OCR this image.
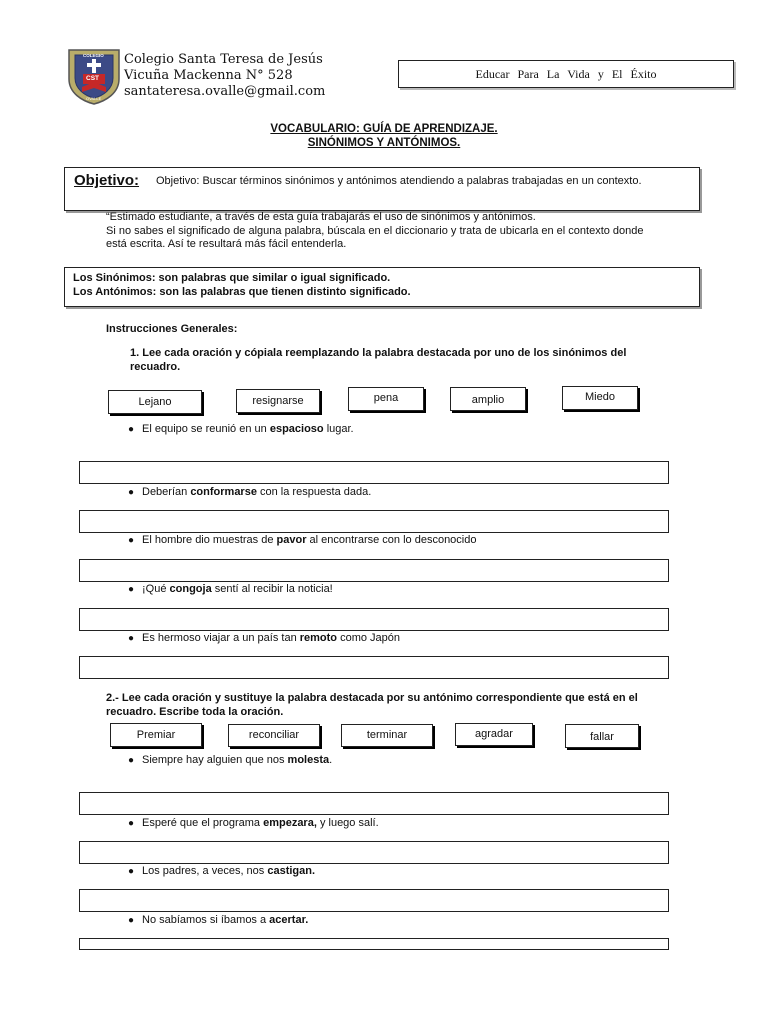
COLEGIO
CST
OVALLE
Colegio Santa Teresa de Jesús
Vicuña Mackenna N° 528
santateresa.ovalle@gmail.com
Educar Para La Vida y El Éxito
VOCABULARIO: GUÍA DE APRENDIZAJE.
SINÓNIMOS Y ANTÓNIMOS.
Objetivo: Objetivo: Buscar términos sinónimos y antónimos atendiendo a palabras trabajadas en un contexto.
“Estimado estudiante, a través de esta guía trabajarás el uso de sinónimos y antónimos.
Si no sabes el significado de alguna palabra, búscala en el diccionario y trata de ubicarla en el contexto donde está escrita. Así te resultará más fácil entenderla.
Los Sinónimos: son palabras que similar o igual significado.
Los Antónimos: son las palabras que tienen distinto significado.
Instrucciones Generales:
1. Lee cada oración y cópiala reemplazando la palabra destacada por uno de los sinónimos del recuadro.
Lejano	resignarse	pena	amplio	Miedo
● El equipo se reunió en un espacioso lugar.
● Deberían conformarse con la respuesta dada.
● El hombre dio muestras de pavor al encontrarse con lo desconocido
● ¡Qué congoja sentí al recibir la noticia!
● Es hermoso viajar a un país tan remoto como Japón
2.- Lee cada oración y sustituye la palabra destacada por su antónimo correspondiente que está en el recuadro. Escribe toda la oración.
Premiar	reconciliar	terminar	agradar	fallar
● Siempre hay alguien que nos molesta.
● Esperé que el programa empezara, y luego salí.
● Los padres, a veces, nos castigan.
● No sabíamos si íbamos a acertar.
